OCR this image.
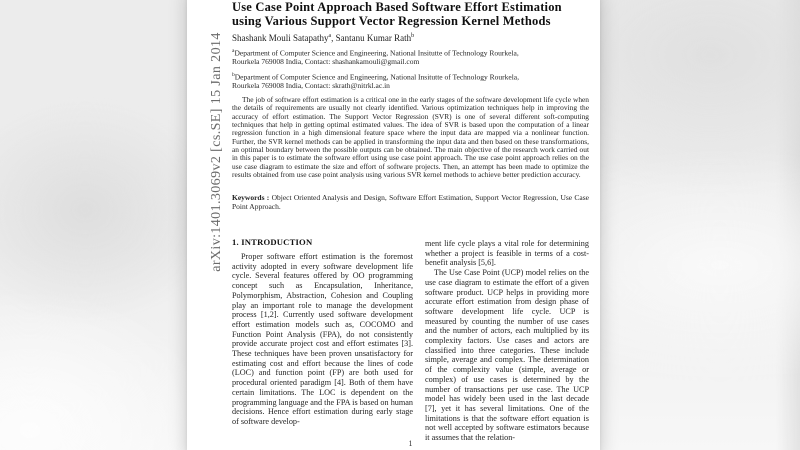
arXiv:1401.3069v2 [cs.SE] 15 Jan 2014
Use Case Point Approach Based Software Effort Estimation using Various Support Vector Regression Kernel Methods
Shashank Mouli Satapathy$^a$, Santanu Kumar Rath$^b$
$^a$Department of Computer Science and Engineering, National Insitutte of Technology Rourkela,
Rourkela 769008 India, Contact: shashankamouli@gmail.com
$^b$Department of Computer Science and Engineering, National Insitutte of Technology Rourkela,
Rourkela 769008 India, Contact: skrath@nitrkl.ac.in
The job of software effort estimation is a critical one in the early stages of the software development life cycle when the details of requirements are usually not clearly identified. Various optimization techniques help in improving the accuracy of effort estimation. The Support Vector Regression (SVR) is one of several different soft-computing techniques that help in getting optimal estimated values. The idea of SVR is based upon the computation of a linear regression function in a high dimensional feature space where the input data are mapped via a nonlinear function. Further, the SVR kernel methods can be applied in transforming the input data and then based on these transformations, an optimal boundary between the possible outputs can be obtained. The main objective of the research work carried out in this paper is to estimate the software effort using use case point approach. The use case point approach relies on the use case diagram to estimate the size and effort of software projects. Then, an attempt has been made to optimize the results obtained from use case point analysis using various SVR kernel methods to achieve better prediction accuracy.
Keywords : Object Oriented Analysis and Design, Software Effort Estimation, Support Vector Regression, Use Case Point Approach.
1. INTRODUCTION

Proper software effort estimation is the foremost activity adopted in every software development life cycle. Several features offered by OO programming concept such as Encapsulation, Inheritance, Polymorphism, Abstraction, Cohesion and Coupling play an important role to manage the development process [1,2]. Currently used software development effort estimation models such as, COCOMO and Function Point Analysis (FPA), do not consistently provide accurate project cost and effort estimates [3]. These techniques have been proven unsatisfactory for estimating cost and effort because the lines of code (LOC) and function point (FP) are both used for procedural oriented paradigm [4]. Both of them have certain limitations. The LOC is dependent on the programming language and the FPA is based on human decisions. Hence effort estimation during early stage of software develop-

ment life cycle plays a vital role for determining whether a project is feasible in terms of a cost-benefit analysis [5,6].

The Use Case Point (UCP) model relies on the use case diagram to estimate the effort of a given software product. UCP helps in providing more accurate effort estimation from design phase of software development life cycle. UCP is measured by counting the number of use cases and the number of actors, each multiplied by its complexity factors. Use cases and actors are classified into three categories. These include simple, average and complex. The determination of the complexity value (simple, average or complex) of use cases is determined by the number of transactions per use case. The UCP model has widely been used in the last decade [7], yet it has several limitations. One of the limitations is that the software effort equation is not well accepted by software estimators because it assumes that the relation-

1
